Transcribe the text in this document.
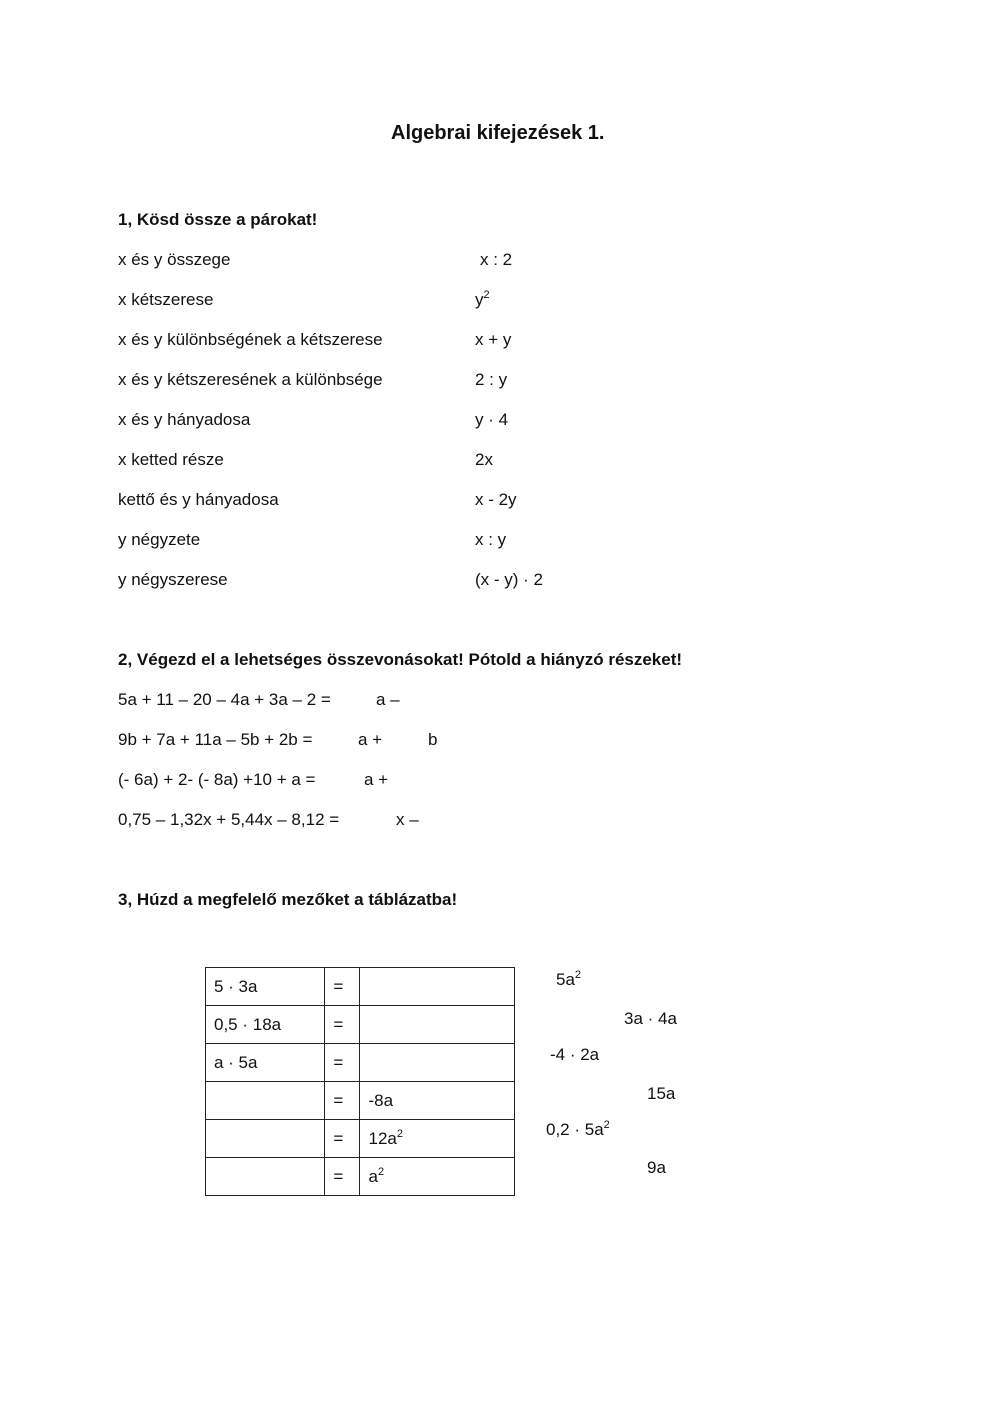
Algebrai kifejezések 1.
1, Kösd össze a párokat!
x és y összege	x : 2
x kétszerese	$y^2$
x és y különbségének a kétszerese	x + y
x és y kétszeresének a különbsége	2 : y
x és y hányadosa	y · 4
x ketted része	2x
kettő és y hányadosa	x - 2y
y négyzete	x : y
y négyszerese	(x - y) · 2
2, Végezd el a lehetséges összevonásokat! Pótold a hiányzó részeket!
5a + 11 – 20 – 4a + 3a – 2 =	a –
9b + 7a + 11a – 5b + 2b =	a +	b
(- 6a) + 2- (- 8a) +10 + a =	a +
0,75 – 1,32x + 5,44x – 8,12 =	x –
3, Húzd a megfelelő mezőket a táblázatba!
5 · 3a	=	
0,5 · 18a	=	
a · 5a	=	
	=	-8a
	=	$12a^2$
	=	$a^2$
$5a^2$
3a · 4a
-4 · 2a
15a
$0,2 \cdot 5a^2$
9a
